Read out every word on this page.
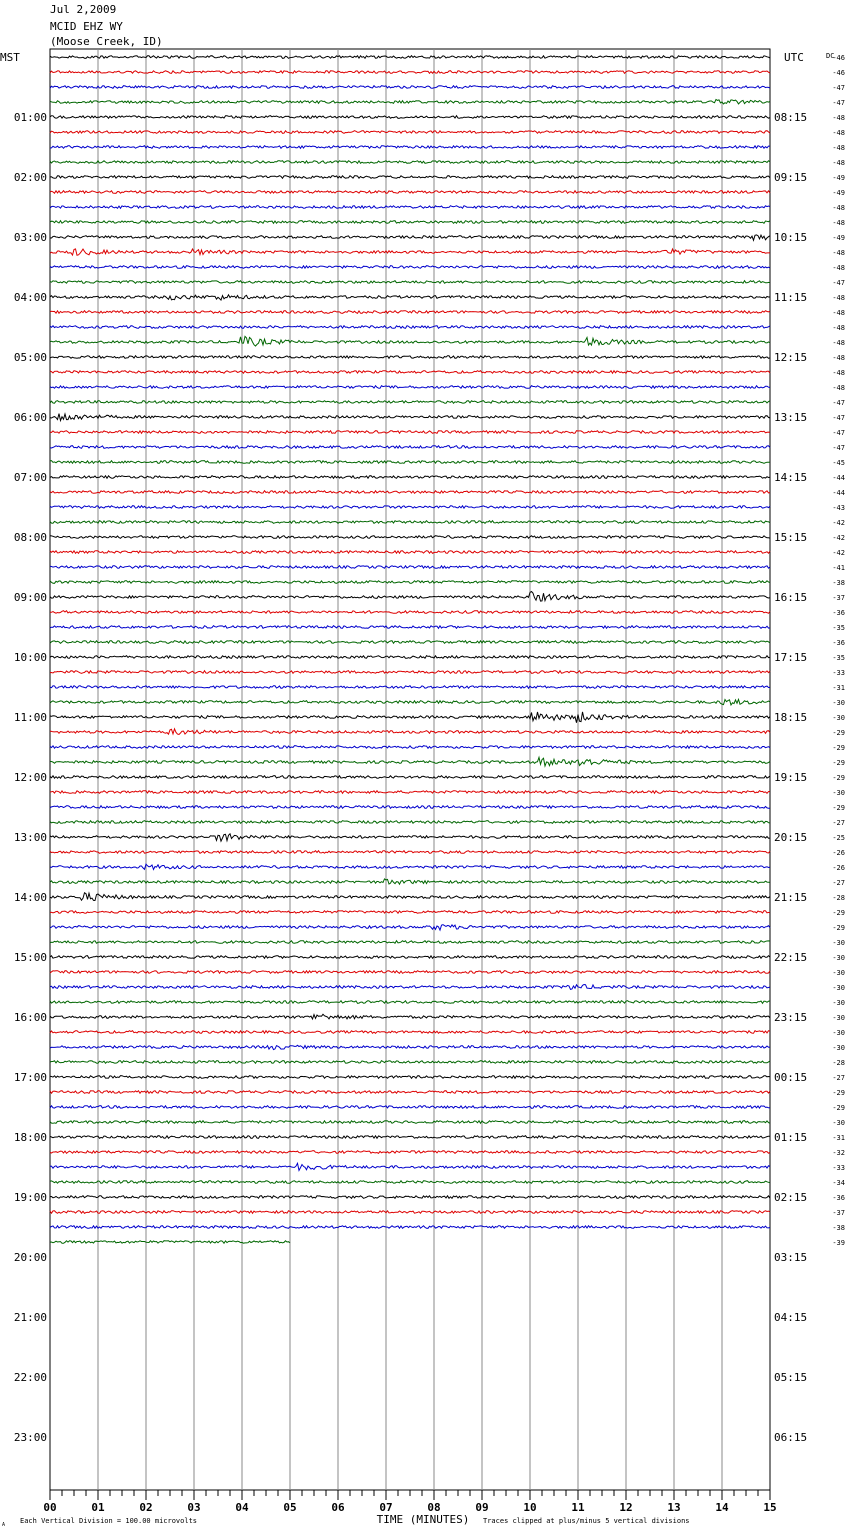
Jul 2,2009
MCID EHZ WY
(Moose Creek, ID)
00	01	02	03	04	05	06	07	08	09	10	11	12	13	14	15
-46
-46
-47
-47
-48
-48
-48
-48
-49
-49
-48
-48
-49
-48
-48
-47
-48
-48
-48
-48
-48
-48
-48
-47
-47
-47
-47
-45
-44
-44
-43
-42
-42
-42
-41
-38
-37
-36
-35
-36
-35
-33
-31
-30
-30
-29
-29
-29
-29
-30
-29
-27
-25
-26
-26
-27
-28
-29
-29
-30
-30
-30
-30
-30
-30
-30
-30
-28
-27
-29
-29
-30
-31
-32
-33
-34
-36
-37
-38
-39
01:00	08:15
02:00	09:15
03:00	10:15
04:00	11:15
05:00	12:15
06:00	13:15
07:00	14:15
08:00	15:15
09:00	16:15
10:00	17:15
11:00	18:15
12:00	19:15
13:00	20:15
14:00	21:15
15:00	22:15
16:00	23:15
17:00	00:15
18:00	01:15
19:00	02:15
20:00	03:15
21:00	04:15
22:00	05:15
23:00	06:15
MST	UTC	DC
TIME (MINUTES)
Each Vertical Division = 100.00 microvolts	Traces clipped at plus/minus 5 vertical divisions
A
